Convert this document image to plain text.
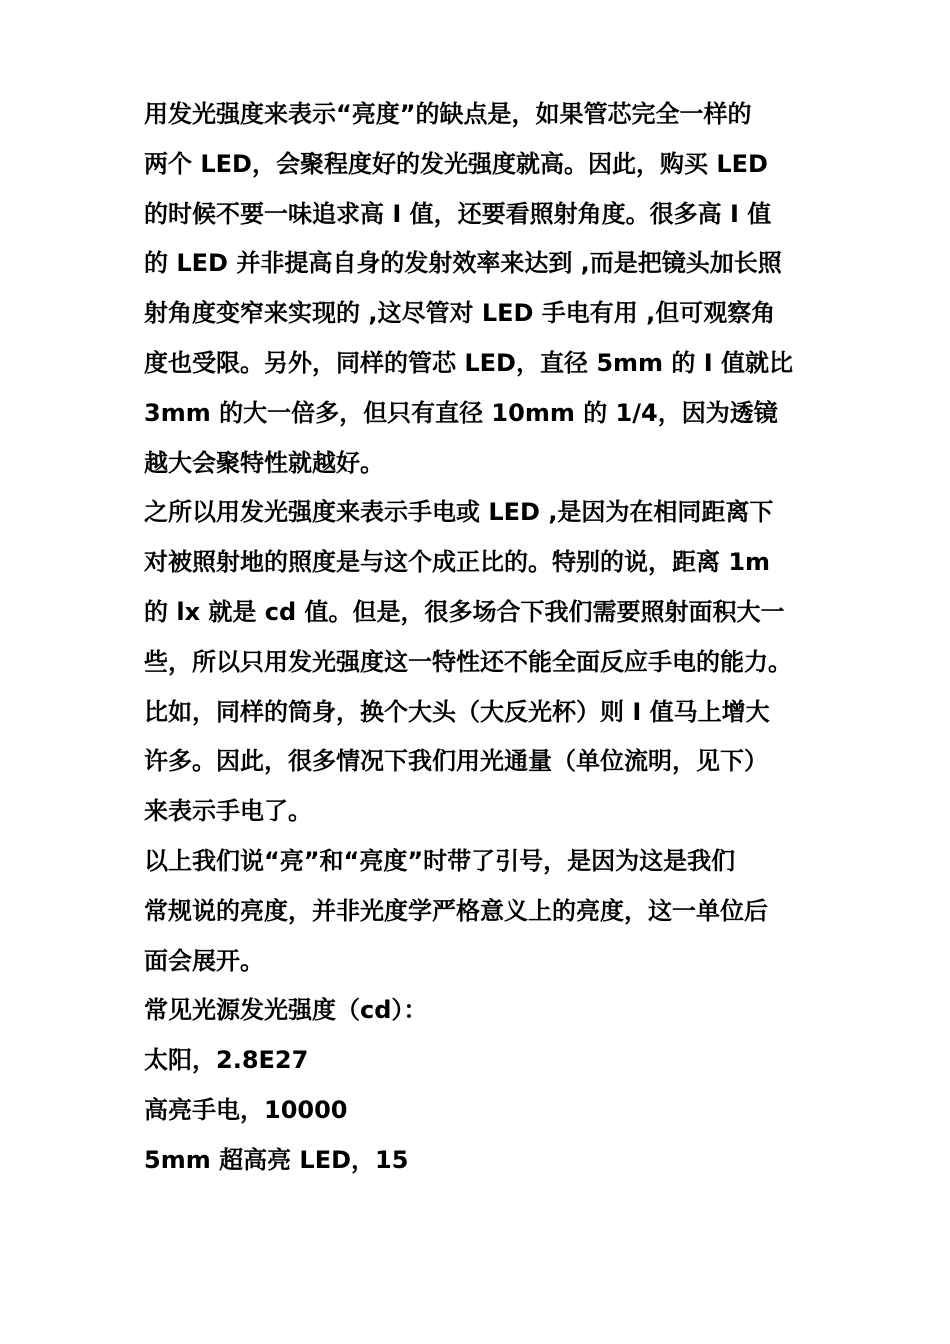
用发光强度来表示“亮度”的缺点是，如果管芯完全一样的
两个 LED，会聚程度好的发光强度就高。因此，购买 LED
的时候不要一味追求高 I 值，还要看照射角度。很多高 I 值
的 LED 并非提高自身的发射效率来达到 ,而是把镜头加长照
射角度变窄来实现的 ,这尽管对 LED 手电有用 ,但可观察角
度也受限。另外，同样的管芯 LED，直径 5mm 的 I 值就比
3mm 的大一倍多，但只有直径 10mm 的 1/4，因为透镜
越大会聚特性就越好。
之所以用发光强度来表示手电或 LED ,是因为在相同距离下
对被照射地的照度是与这个成正比的。特别的说，距离 1m
的 lx 就是 cd 值。但是，很多场合下我们需要照射面积大一
些，所以只用发光强度这一特性还不能全面反应手电的能力。
比如，同样的筒身，换个大头（大反光杯）则 I 值马上增大
许多。因此，很多情况下我们用光通量（单位流明，见下）
来表示手电了。
以上我们说“亮”和“亮度”时带了引号，是因为这是我们
常规说的亮度，并非光度学严格意义上的亮度，这一单位后
面会展开。
常见光源发光强度（cd）：
太阳，2.8E27
高亮手电，10000
5mm 超高亮 LED，15
